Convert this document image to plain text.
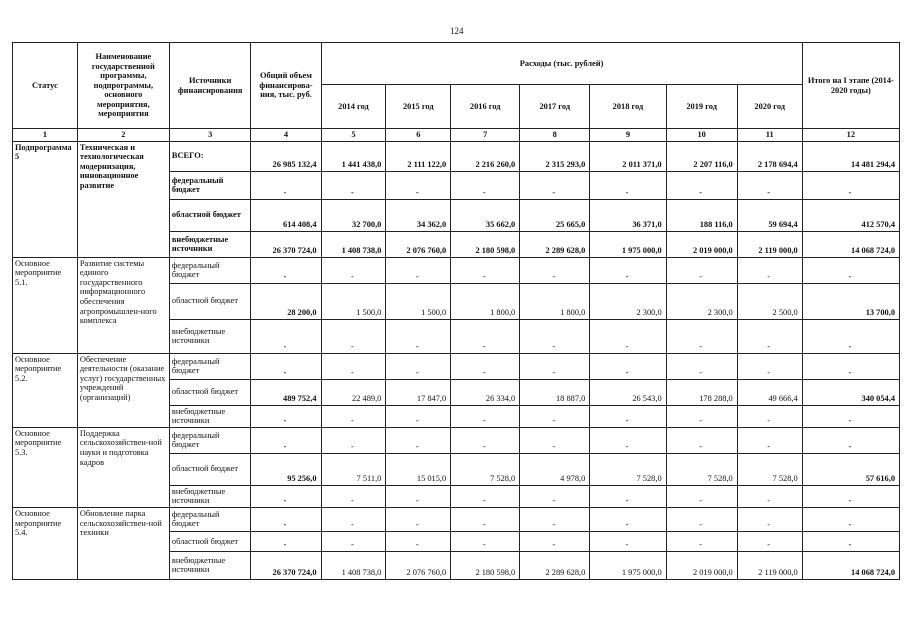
124
Статус	Наименование государственной программы, подпрограммы, основного мероприятия, мероприятия	Источники финансирования	Общий объем финансирова-ния, тыс. руб.	Расходы (тыс. рублей)							Итого на I этапе (2014-2020 годы)
				2014 год	2015 год	2016 год	2017 год	2018 год	2019 год	2020 год	
1	2	3	4	5	6	7	8	9	10	11	12
Подпрограмма 5	Техническая и технологическая модернизация, инновационное развитие	ВСЕГО:	26 985 132,4	1 441 438,0	2 111 122,0	2 216 260,0	2 315 293,0	2 011 371,0	2 207 116,0	2 178 694,4	14 481 294,4
		федеральный бюджет	-	-	-	-	-	-	-	-	-
		областной бюджет	614 408,4	32 700,0	34 362,0	35 662,0	25 665,0	36 371,0	188 116,0	59 694,4	412 570,4
		внебюджетные источники	26 370 724,0	1 408 738,0	2 076 760,0	2 180 598,0	2 289 628,0	1 975 000,0	2 019 000,0	2 119 000,0	14 068 724,0
Основное мероприятие 5.1.	Развитие системы единого государственного информационного обеспечения агропромышлен-ного комплекса	федеральный бюджет	-	-	-	-	-	-	-	-	-
		областной бюджет	28 200,0	1 500,0	1 500,0	1 800,0	1 800,0	2 300,0	2 300,0	2 500,0	13 700,0
		внебюджетные источники	-	-	-	-	-	-	-	-	-
Основное мероприятие 5.2.	Обеспечение деятельности (оказание услуг) государственных учреждений (организаций)	федеральный бюджет	-	-	-	-	-	-	-	-	-
		областной бюджет	489 752,4	22 489,0	17 847,0	26 334,0	18 887,0	26 543,0	178 288,0	49 666,4	340 054,4
		внебюджетные источники	-	-	-	-	-	-	-	-	-
Основное мероприятие 5.3.	Поддержка сельскохозяйствен-ной науки и подготовка кадров	федеральный бюджет	-	-	-	-	-	-	-	-	-
		областной бюджет	95 256,0	7 511,0	15 015,0	7 528,0	4 978,0	7 528,0	7 528,0	7 528,0	57 616,0
		внебюджетные источники	-	-	-	-	-	-	-	-	-
Основное мероприятие 5.4.	Обновление парка сельскохозяйствен-ной техники	федеральный бюджет	-	-	-	-	-	-	-	-	-
		областной бюджет	-	-	-	-	-	-	-	-	-
		внебюджетные источники	26 370 724,0	1 408 738,0	2 076 760,0	2 180 598,0	2 289 628,0	1 975 000,0	2 019 000,0	2 119 000,0	14 068 724,0
